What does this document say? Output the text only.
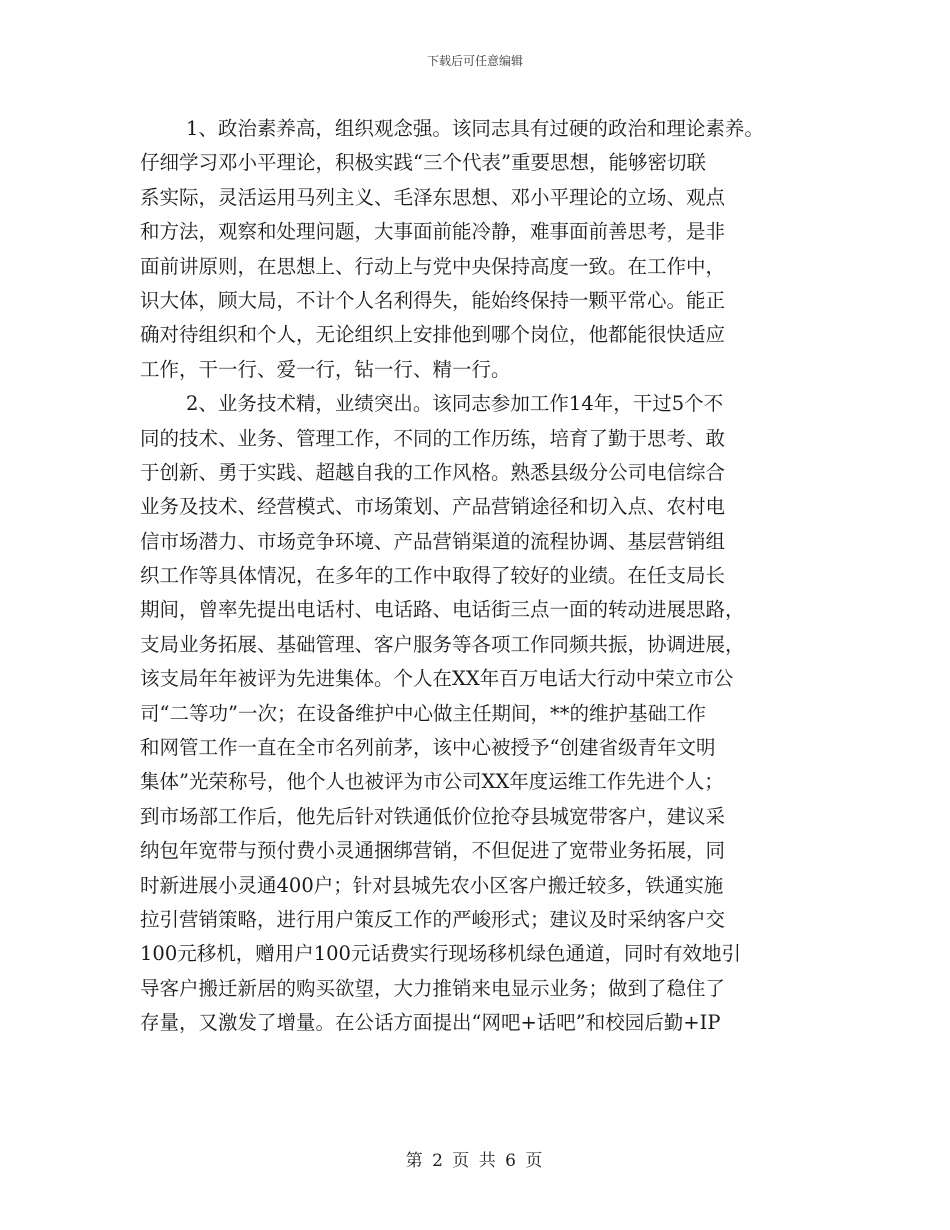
下载后可任意编辑
1、政治素养高，组织观念强。该同志具有过硬的政治和理论素养。
仔细学习邓小平理论，积极实践“三个代表”重要思想，能够密切联
系实际，灵活运用马列主义、毛泽东思想、邓小平理论的立场、观点
和方法，观察和处理问题，大事面前能冷静，难事面前善思考，是非
面前讲原则，在思想上、行动上与党中央保持高度一致。在工作中，
识大体，顾大局，不计个人名利得失，能始终保持一颗平常心。能正
确对待组织和个人，无论组织上安排他到哪个岗位，他都能很快适应
工作，干一行、爱一行，钻一行、精一行。
2、业务技术精，业绩突出。该同志参加工作14年，干过5个不
同的技术、业务、管理工作，不同的工作历练，培育了勤于思考、敢
于创新、勇于实践、超越自我的工作风格。熟悉县级分公司电信综合
业务及技术、经营模式、市场策划、产品营销途径和切入点、农村电
信市场潜力、市场竞争环境、产品营销渠道的流程协调、基层营销组
织工作等具体情况，在多年的工作中取得了较好的业绩。在任支局长
期间，曾率先提出电话村、电话路、电话街三点一面的转动进展思路，
支局业务拓展、基础管理、客户服务等各项工作同频共振，协调进展，
该支局年年被评为先进集体。个人在XX年百万电话大行动中荣立市公
司“二等功”一次；在设备维护中心做主任期间，**的维护基础工作
和网管工作一直在全市名列前茅，该中心被授予“创建省级青年文明
集体”光荣称号，他个人也被评为市公司XX年度运维工作先进个人；
到市场部工作后，他先后针对铁通低价位抢夺县城宽带客户，建议采
纳包年宽带与预付费小灵通捆绑营销，不但促进了宽带业务拓展，同
时新进展小灵通400户；针对县城先农小区客户搬迁较多，铁通实施
拉引营销策略，进行用户策反工作的严峻形式；建议及时采纳客户交
100元移机，赠用户100元话费实行现场移机绿色通道，同时有效地引
导客户搬迁新居的购买欲望，大力推销来电显示业务；做到了稳住了
存量，又激发了增量。在公话方面提出“网吧+话吧”和校园后勤+IP
第 2 页 共 6 页
